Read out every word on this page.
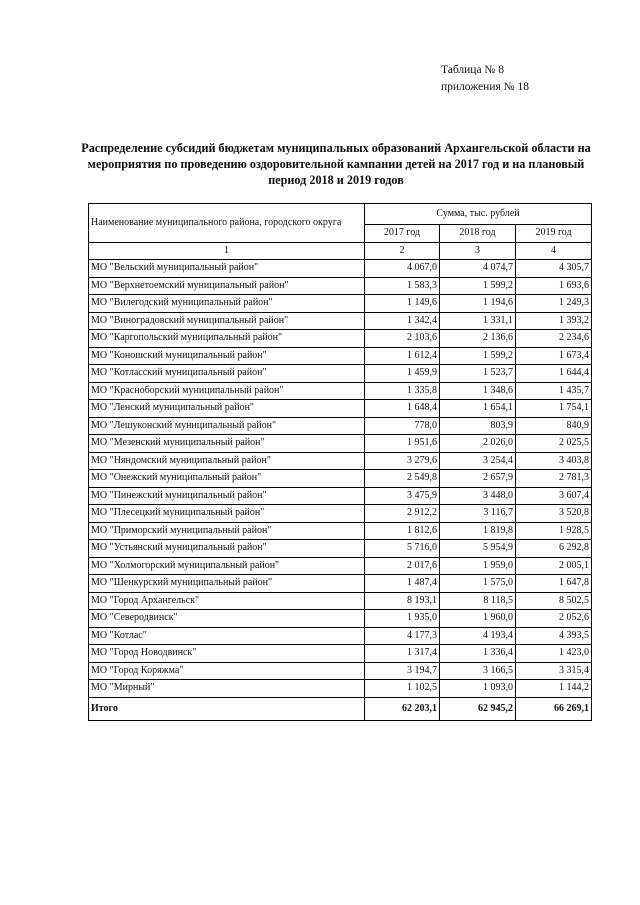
Таблица № 8
приложения № 18
Распределение субсидий бюджетам муниципальных образований Архангельской области на мероприятия по проведению оздоровительной кампании детей на 2017 год и на плановый период 2018 и 2019 годов
Наименование муниципального района, городского округа	Сумма, тыс. рублей		
	2017 год	2018 год	2019 год
1	2	3	4
МО "Вельский муниципальный район"	4 067,0	4 074,7	4 305,7
МО "Верхнетоемский муниципальный район"	1 583,3	1 599,2	1 693,6
МО "Вилегодский муниципальный район"	1 149,6	1 194,6	1 249,3
МО "Виноградовский муниципальный район"	1 342,4	1 331,1	1 393,2
МО "Каргопольский муниципальный район"	2 103,6	2 136,6	2 234,6
МО "Коношский муниципальный район"	1 612,4	1 599,2	1 673,4
МО "Котласский муниципальный район"	1 459,9	1 523,7	1 644,4
МО "Красноборский муниципальный район"	1 335,8	1 348,6	1 435,7
МО "Ленский муниципальный район"	1 648,4	1 654,1	1 754,1
МО "Лешуконский муниципальный район"	778,0	803,9	840,9
МО "Мезенский муниципальный район"	1 951,6	2 026,0	2 025,5
МО "Няндомский муниципальный район"	3 279,6	3 254,4	3 403,8
МО "Онежский муниципальный район"	2 549,8	2 657,9	2 781,3
МО "Пинежский муниципальный район"	3 475,9	3 448,0	3 607,4
МО "Плесецкий муниципальный район"	2 912,2	3 116,7	3 520,8
МО "Приморский муниципальный район"	1 812,6	1 819,8	1 928,5
МО "Устьянский муниципальный район"	5 716,0	5 954,9	6 292,8
МО "Холмогорский муниципальный район"	2 017,6	1 959,0	2 005,1
МО "Шенкурский муниципальный район"	1 487,4	1 575,0	1 647,8
МО "Город Архангельск"	8 193,1	8 118,5	8 502,5
МО "Северодвинск"	1 935,0	1 960,0	2 052,6
МО "Котлас"	4 177,3	4 193,4	4 393,5
МО "Город Новодвинск"	1 317,4	1 336,4	1 423,0
МО "Город Коряжма"	3 194,7	3 166,5	3 315,4
МО "Мирный"	1 102,5	1 093,0	1 144,2
Итого	62 203,1	62 945,2	66 269,1
